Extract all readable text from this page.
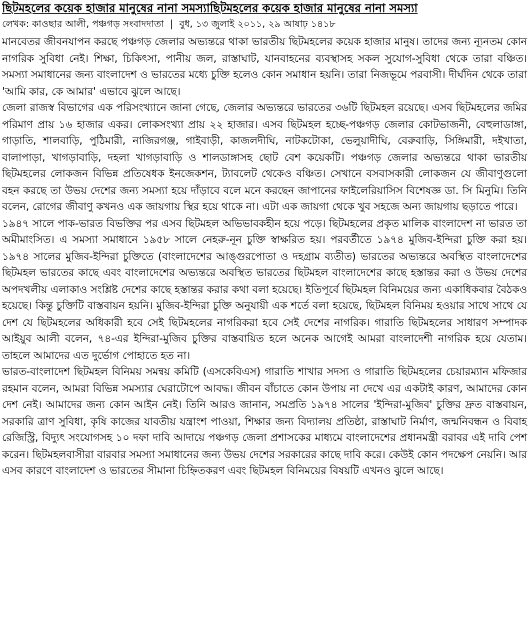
ছিটমহলের কয়েক হাজার মানুষের নানা সমস্যাছিটমহলের কয়েক হাজার মানুষের নানা সমস্যা
লেখক: কাওছার আলী, পঞ্চগড় সংবাদদাতা | বুধ, ১৩ জুলাই ২০১১, ২৯ আষাঢ় ১৪১৮

মানবেতর জীবনযাপন করছে পঞ্চগড় জেলার অভ্যন্তরে থাকা ভারতীয় ছিটমহলের কয়েক হাজার মানুষ। তাদের জন্য ন্যূনতম কোন নাগরিক সুবিধা নেই। শিক্ষা, চিকিৎসা, পানীয় জল, রাস্তাঘাট, যানবাহনের ব্যবস্থাসহ সকল সুযোগ-সুবিধা থেকে তারা বঞ্চিত। সমস্যা সমাধানের জন্য বাংলাদেশ ও ভারতের মধ্যে চুক্তি হলেও কোন সমাধান হয়নি। তারা নিজভূমে পরবাসী। দীর্ঘদিন থেকে তারা 'আমি কার, কে আমার' এভাবে ঝুলে আছে।

জেলা রাজস্ব বিভাগের এক পরিসংখ্যানে জানা গেছে, জেলার অভ্যন্তরে ভারতের ৩৬টি ছিটমহল রয়েছে। এসব ছিটমহলের জমির পরিমাণ প্রায় ১৬ হাজার একর। লোকসংখ্যা প্রায় ২২ হাজার। এসব ছিটমহল হচ্ছে-পঞ্চগড় জেলার কোটভাজনী, বেহুলাডাঙ্গা, গাড়াতি, শালবাড়ি, পুঠিমারী, নাজিরগঞ্জ, গাইবাড়ী, কাজলদীঘি, নাটকটোকা, ভেলুয়াদীঘি, বেরুবাড়ি, সিঙ্গিমারী, দইখাতা, বালাপাড়া, খাগড়াবাড়ি, দহলা খাগড়াবাড়ি ও শালডাঙ্গাসহ ছোট বেশ কয়েকটি। পঞ্চগড় জেলার অভ্যন্তরে থাকা ভারতীয় ছিটমহলের লোকজন বিভিন্ন প্রতিষেধক ইনজেকশন, ট্যাবলেট থেকেও বঞ্চিত। সেখানে বসবাসকারী লোকজন যে জীবাণুগুলো বহন করছে তা উভয় দেশের জন্য সমস্যা হয়ে দাঁড়াবে বলে মনে করছেন জাপানের ফাইলেরিয়াসিস বিশেষজ্ঞ ডা. সি মিনুমি। তিনি বলেন, রোগের জীবাণু কখনও এক জায়গায় স্থির হয়ে থাকে না। এটা এক জায়গা থেকে খুব সহজে অন্য জায়গায় ছড়াতে পারে।

১৯৪৭ সালে পাক-ভারত বিভক্তির পর এসব ছিটমহল অভিভাবকহীন হয়ে পড়ে। ছিটমহলের প্রকৃত মালিক বাংলাদেশ না ভারত তা অমীমাংসিত। এ সমস্যা সমাধানে ১৯৫৮ সালে নেহরু-নূন চুক্তি স্বাক্ষরিত হয়। পরবর্তীতে ১৯৭৪ মুজিব-ইন্দিরা চুক্তি করা হয়। ১৯৭৪ সালের মুজিব-ইন্দিরা চুক্তিতে (বাংলাদেশের আঙ্গুরপোতা ও দহগ্রাম ব্যতীত) ভারতের অভ্যন্তরে অবস্থিত বাংলাদেশের ছিটমহল ভারতের কাছে এবং বাংলাদেশের অভ্যন্তরে অবস্থিত ভারতের ছিটমহল বাংলাদেশের কাছে হস্তান্তর করা ও উভয় দেশের অপদখলীয় এলাকাও সংশ্লিষ্ট দেশের কাছে হস্তান্তর করার কথা বলা হয়েছে। ইতিপূর্বে ছিটমহল বিনিময়ের জন্য একাধিকবার বৈঠকও হয়েছে। কিন্তু চুক্তিটি বাস্তবায়ন হয়নি। মুজিব-ইন্দিরা চুক্তি অনুযায়ী এক শর্তে বলা হয়েছে, ছিটমহল বিনিময় হওয়ার সাথে সাথে যে দেশ যে ছিটমহলের অধিকারী হবে সেই ছিটমহলের নাগরিকরা হবে সেই দেশের নাগরিক। গারাতি ছিটমহলের সাধারণ সম্পাদক আইয়ুব আলী বলেন, ৭৪-এর ইন্দিরা-মুজিব চুক্তির বাস্তবায়িত হলে অনেক আগেই আমরা বাংলাদেশী নাগরিক হয়ে যেতাম। তাহলে আমাদের এত দুর্ভোগ পোহাতে হত না।

ভারত-বাংলাদেশ ছিটমহল বিনিময় সমন্বয় কমিটি (এসকেবিএস) গারাতি শাখার সদস্য ও গারাতি ছিটমহলের চেয়ারম্যান মফিজার রহমান বলেন, আমরা বিভিন্ন সমস্যার ঘেরাটোপে আবদ্ধ। জীবন বাঁচাতে কোন উপায় না দেখে এর একটাই কারণ, আমাদের কোন দেশ নেই। আমাদের জন্য কোন আইন নেই। তিনি আরও জানান, সমপ্রতি ১৯৭৪ সালের 'ইন্দিরা-মুজিব' চুক্তির দ্রুত বাস্তবায়ন, সরকারি ত্রাণ সুবিধা, কৃষি কাজের যাবতীয় যন্ত্রাংশ পাওয়া, শিক্ষার জন্য বিদ্যালয় প্রতিষ্ঠা, রাস্তাঘাট নির্মাণ, জন্মনিবন্ধন ও বিবাহ রেজিস্ট্রি, বিদ্যুৎ সংযোগসহ ১০ দফা দাবি আদায়ে পঞ্চগড় জেলা প্রশাসকের মাধ্যমে বাংলাদেশের প্রধানমন্ত্রী বরাবর এই দাবি পেশ করেন। ছিটমহলবাসীরা বারবার সমস্যা সমাধানের জন্য উভয় দেশের সরকারের কাছে দাবি করে। কেউই কোন পদক্ষেপ নেয়নি। আর এসব কারণে বাংলাদেশ ও ভারতের সীমানা চিহ্নিতকরণ এবং ছিটমহল বিনিময়ের বিষয়টি এখনও ঝুলে আছে।
